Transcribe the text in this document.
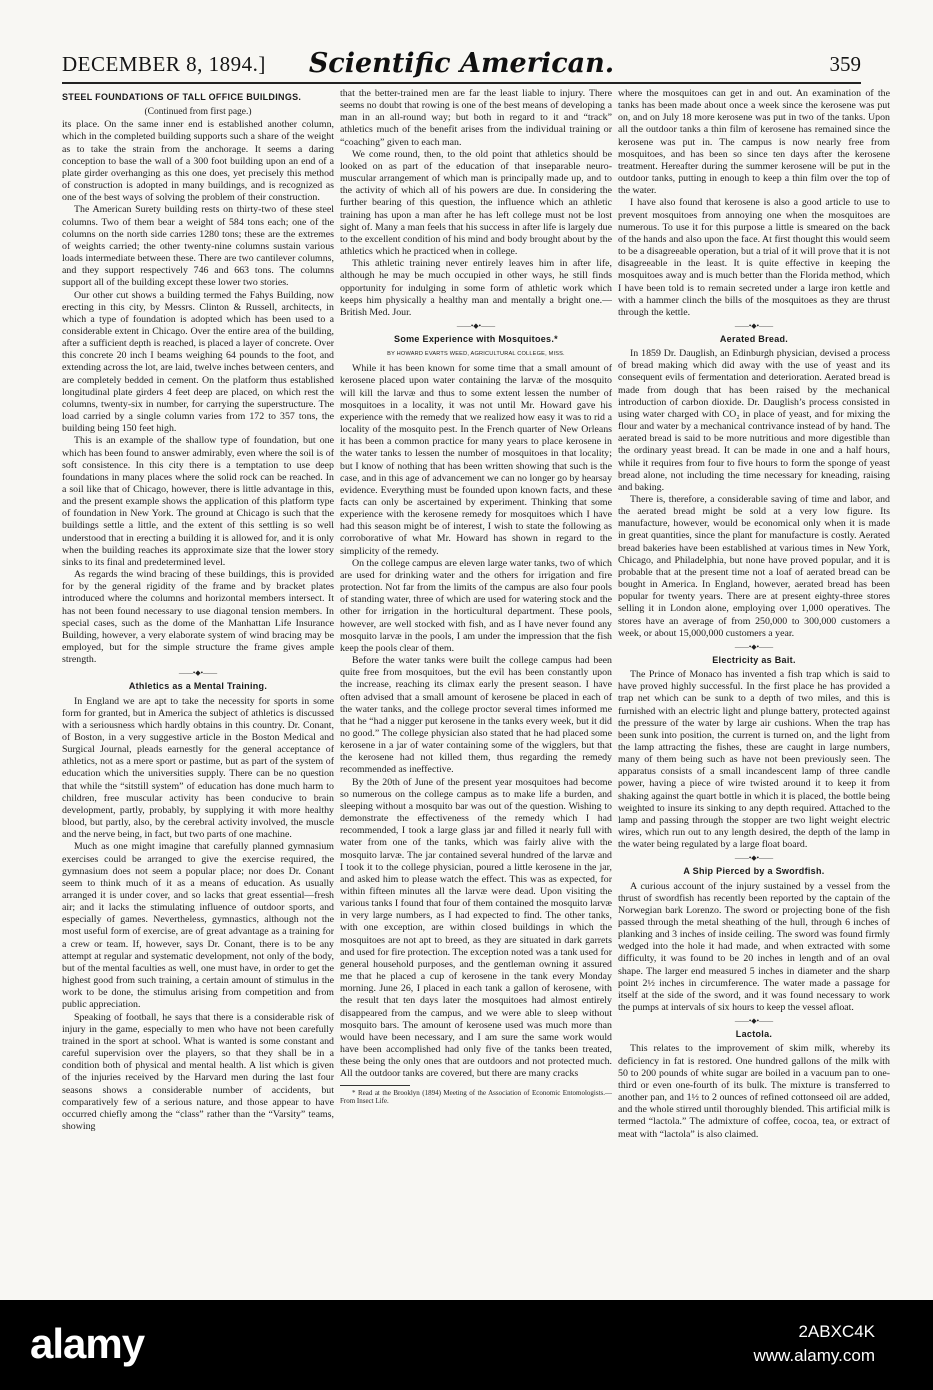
DECEMBER 8, 1894.]	Scientific American.	359
STEEL FOUNDATIONS OF TALL OFFICE BUILDINGS.
(Continued from first page.)

its place. On the same inner end is established another column, which in the completed building supports such a share of the weight as to take the strain from the anchorage. It seems a daring conception to base the wall of a 300 foot building upon an end of a plate girder overhanging as this one does, yet precisely this method of construction is adopted in many buildings, and is recognized as one of the best ways of solving the problem of their construction.

The American Surety building rests on thirty-two of these steel columns. Two of them bear a weight of 584 tons each; one of the columns on the north side carries 1280 tons; these are the extremes of weights carried; the other twenty-nine columns sustain various loads intermediate between these. There are two cantilever columns, and they support respectively 746 and 663 tons. The columns support all of the building except these lower two stories.

Our other cut shows a building termed the Fahys Building, now erecting in this city, by Messrs. Clinton & Russell, architects, in which a type of foundation is adopted which has been used to a considerable extent in Chicago. Over the entire area of the building, after a sufficient depth is reached, is placed a layer of concrete. Over this concrete 20 inch I beams weighing 64 pounds to the foot, and extending across the lot, are laid, twelve inches between centers, and are completely bedded in cement. On the platform thus established longitudinal plate girders 4 feet deep are placed, on which rest the columns, twenty-six in number, for carrying the superstructure. The load carried by a single column varies from 172 to 357 tons, the building being 150 feet high.

This is an example of the shallow type of foundation, but one which has been found to answer admirably, even where the soil is of soft consistence. In this city there is a temptation to use deep foundations in many places where the solid rock can be reached. In a soil like that of Chicago, however, there is little advantage in this, and the present example shows the application of this platform type of foundation in New York. The ground at Chicago is such that the buildings settle a little, and the extent of this settling is so well understood that in erecting a building it is allowed for, and it is only when the building reaches its approximate size that the lower story sinks to its final and predetermined level.

As regards the wind bracing of these buildings, this is provided for by the general rigidity of the frame and by bracket plates introduced where the columns and horizontal members intersect. It has not been found necessary to use diagonal tension members. In special cases, such as the dome of the Manhattan Life Insurance Building, however, a very elaborate system of wind bracing may be employed, but for the simple structure the frame gives ample strength.

——•◆•——
Athletics as a Mental Training.

In England we are apt to take the necessity for sports in some form for granted, but in America the subject of athletics is discussed with a seriousness which hardly obtains in this country. Dr. Conant, of Boston, in a very suggestive article in the Boston Medical and Surgical Journal, pleads earnestly for the general acceptance of athletics, not as a mere sport or pastime, but as part of the system of education which the universities supply. There can be no question that while the “sitstill system” of education has done much harm to children, free muscular activity has been conducive to brain development, partly, probably, by supplying it with more healthy blood, but partly, also, by the cerebral activity involved, the muscle and the nerve being, in fact, but two parts of one machine.

Much as one might imagine that carefully planned gymnasium exercises could be arranged to give the exercise required, the gymnasium does not seem a popular place; nor does Dr. Conant seem to think much of it as a means of education. As usually arranged it is under cover, and so lacks that great essential—fresh air; and it lacks the stimulating influence of outdoor sports, and especially of games. Nevertheless, gymnastics, although not the most useful form of exercise, are of great advantage as a training for a crew or team. If, however, says Dr. Conant, there is to be any attempt at regular and systematic development, not only of the body, but of the mental faculties as well, one must have, in order to get the highest good from such training, a certain amount of stimulus in the work to be done, the stimulus arising from competition and from public appreciation.

Speaking of football, he says that there is a considerable risk of injury in the game, especially to men who have not been carefully trained in the sport at school. What is wanted is some constant and careful supervision over the players, so that they shall be in a condition both of physical and mental health. A list which is given of the injuries received by the Harvard men during the last four seasons shows a considerable number of accidents, but comparatively few of a serious nature, and those appear to have occurred chiefly among the “class” rather than the “Varsity” teams, showing

that the better-trained men are far the least liable to injury. There seems no doubt that rowing is one of the best means of developing a man in an all-round way; but both in regard to it and “track” athletics much of the benefit arises from the individual training or “coaching” given to each man.

We come round, then, to the old point that athletics should be looked on as part of the education of that inseparable neuro-muscular arrangement of which man is principally made up, and to the activity of which all of his powers are due. In considering the further bearing of this question, the influence which an athletic training has upon a man after he has left college must not be lost sight of. Many a man feels that his success in after life is largely due to the excellent condition of his mind and body brought about by the athletics which he practiced when in college.

This athletic training never entirely leaves him in after life, although he may be much occupied in other ways, he still finds opportunity for indulging in some form of athletic work which keeps him physically a healthy man and mentally a bright one.—British Med. Jour.

——•◆•——
Some Experience with Mosquitoes.*
BY HOWARD EVARTS WEED, AGRICULTURAL COLLEGE, MISS.

While it has been known for some time that a small amount of kerosene placed upon water containing the larvæ of the mosquito will kill the larvæ and thus to some extent lessen the number of mosquitoes in a locality, it was not until Mr. Howard gave his experience with the remedy that we realized how easy it was to rid a locality of the mosquito pest. In the French quarter of New Orleans it has been a common practice for many years to place kerosene in the water tanks to lessen the number of mosquitoes in that locality; but I know of nothing that has been written showing that such is the case, and in this age of advancement we can no longer go by hearsay evidence. Everything must be founded upon known facts, and these facts can only be ascertained by experiment. Thinking that some experience with the kerosene remedy for mosquitoes which I have had this season might be of interest, I wish to state the following as corroborative of what Mr. Howard has shown in regard to the simplicity of the remedy.

On the college campus are eleven large water tanks, two of which are used for drinking water and the others for irrigation and fire protection. Not far from the limits of the campus are also four pools of standing water, three of which are used for watering stock and the other for irrigation in the horticultural department. These pools, however, are well stocked with fish, and as I have never found any mosquito larvæ in the pools, I am under the impression that the fish keep the pools clear of them.

Before the water tanks were built the college campus had been quite free from mosquitoes, but the evil has been constantly upon the increase, reaching its climax early the present season. I have often advised that a small amount of kerosene be placed in each of the water tanks, and the college proctor several times informed me that he “had a nigger put kerosene in the tanks every week, but it did no good.” The college physician also stated that he had placed some kerosene in a jar of water containing some of the wigglers, but that the kerosene had not killed them, thus regarding the remedy recommended as ineffective.

By the 20th of June of the present year mosquitoes had become so numerous on the college campus as to make life a burden, and sleeping without a mosquito bar was out of the question. Wishing to demonstrate the effectiveness of the remedy which I had recommended, I took a large glass jar and filled it nearly full with water from one of the tanks, which was fairly alive with the mosquito larvæ. The jar contained several hundred of the larvæ and I took it to the college physician, poured a little kerosene in the jar, and asked him to please watch the effect. This was as expected, for within fifteen minutes all the larvæ were dead. Upon visiting the various tanks I found that four of them contained the mosquito larvæ in very large numbers, as I had expected to find. The other tanks, with one exception, are within closed buildings in which the mosquitoes are not apt to breed, as they are situated in dark garrets and used for fire protection. The exception noted was a tank used for general household purposes, and the gentleman owning it assured me that he placed a cup of kerosene in the tank every Monday morning. June 26, I placed in each tank a gallon of kerosene, with the result that ten days later the mosquitoes had almost entirely disappeared from the campus, and we were able to sleep without mosquito bars. The amount of kerosene used was much more than would have been necessary, and I am sure the same work would have been accomplished had only five of the tanks been treated, these being the only ones that are outdoors and not protected much. All the outdoor tanks are covered, but there are many cracks

* Read at the Brooklyn (1894) Meeting of the Association of Economic Entomologists.—From Insect Life.

where the mosquitoes can get in and out. An examination of the tanks has been made about once a week since the kerosene was put on, and on July 18 more kerosene was put in two of the tanks. Upon all the outdoor tanks a thin film of kerosene has remained since the kerosene was put in. The campus is now nearly free from mosquitoes, and has been so since ten days after the kerosene treatment. Hereafter during the summer kerosene will be put in the outdoor tanks, putting in enough to keep a thin film over the top of the water.

I have also found that kerosene is also a good article to use to prevent mosquitoes from annoying one when the mosquitoes are numerous. To use it for this purpose a little is smeared on the back of the hands and also upon the face. At first thought this would seem to be a disagreeable operation, but a trial of it will prove that it is not disagreeable in the least. It is quite effective in keeping the mosquitoes away and is much better than the Florida method, which I have been told is to remain secreted under a large iron kettle and with a hammer clinch the bills of the mosquitoes as they are thrust through the kettle.

——•◆•——
Aerated Bread.

In 1859 Dr. Dauglish, an Edinburgh physician, devised a process of bread making which did away with the use of yeast and its consequent evils of fermentation and deterioration. Aerated bread is made from dough that has been raised by the mechanical introduction of carbon dioxide. Dr. Dauglish’s process consisted in using water charged with CO₂ in place of yeast, and for mixing the flour and water by a mechanical contrivance instead of by hand. The aerated bread is said to be more nutritious and more digestible than the ordinary yeast bread. It can be made in one and a half hours, while it requires from four to five hours to form the sponge of yeast bread alone, not including the time necessary for kneading, raising and baking.

There is, therefore, a considerable saving of time and labor, and the aerated bread might be sold at a very low figure. Its manufacture, however, would be economical only when it is made in great quantities, since the plant for manufacture is costly. Aerated bread bakeries have been established at various times in New York, Chicago, and Philadelphia, but none have proved popular, and it is probable that at the present time not a loaf of aerated bread can be bought in America. In England, however, aerated bread has been popular for twenty years. There are at present eighty-three stores selling it in London alone, employing over 1,000 operatives. The stores have an average of from 250,000 to 300,000 customers a week, or about 15,000,000 customers a year.

——•◆•——
Electricity as Bait.

The Prince of Monaco has invented a fish trap which is said to have proved highly successful. In the first place he has provided a trap net which can be sunk to a depth of two miles, and this is furnished with an electric light and plunge battery, protected against the pressure of the water by large air cushions. When the trap has been sunk into position, the current is turned on, and the light from the lamp attracting the fishes, these are caught in large numbers, many of them being such as have not been previously seen. The apparatus consists of a small incandescent lamp of three candle power, having a piece of wire twisted around it to keep it from shaking against the quart bottle in which it is placed, the bottle being weighted to insure its sinking to any depth required. Attached to the lamp and passing through the stopper are two light weight electric wires, which run out to any length desired, the depth of the lamp in the water being regulated by a large float board.

——•◆•——
A Ship Pierced by a Swordfish.

A curious account of the injury sustained by a vessel from the thrust of swordfish has recently been reported by the captain of the Norwegian bark Lorenzo. The sword or projecting bone of the fish passed through the metal sheathing of the hull, through 6 inches of planking and 3 inches of inside ceiling. The sword was found firmly wedged into the hole it had made, and when extracted with some difficulty, it was found to be 20 inches in length and of an oval shape. The larger end measured 5 inches in diameter and the sharp point 2½ inches in circumference. The water made a passage for itself at the side of the sword, and it was found necessary to work the pumps at intervals of six hours to keep the vessel afloat.

——•◆•——
Lactola.

This relates to the improvement of skim milk, whereby its deficiency in fat is restored. One hundred gallons of the milk with 50 to 200 pounds of white sugar are boiled in a vacuum pan to one-third or even one-fourth of its bulk. The mixture is transferred to another pan, and 1½ to 2 ounces of refined cottonseed oil are added, and the whole stirred until thoroughly blended. This artificial milk is termed “lactola.” The admixture of coffee, cocoa, tea, or extract of meat with “lactola” is also claimed.

alamy	2ABXC4K
www.alamy.com
